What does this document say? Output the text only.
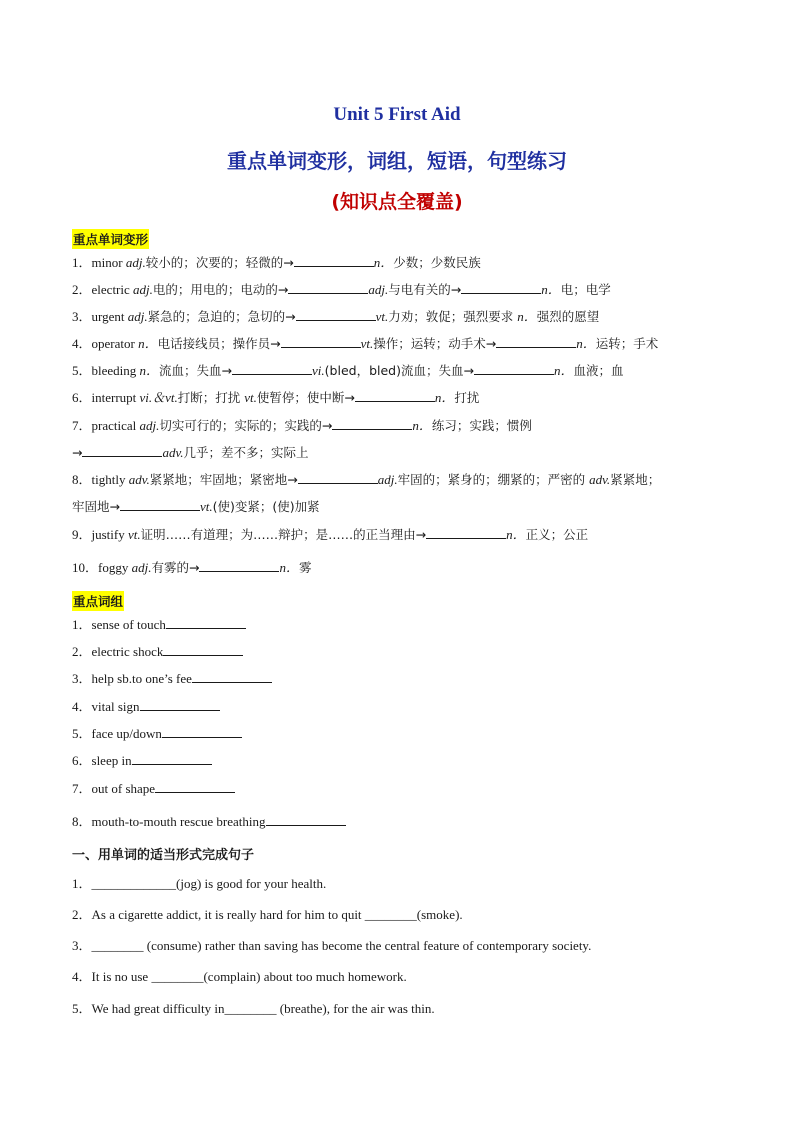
Unit 5 First Aid
重点单词变形，词组，短语，句型练习
(知识点全覆盖)
重点单词变形
1．minor adj.较小的；次要的；轻微的→	n．少数；少数民族
2．electric adj.电的；用电的；电动的→	adj.与电有关的→	n．电；电学
3．urgent adj.紧急的；急迫的；急切的→	vt.力劝；敦促；强烈要求 n．强烈的愿望
4．operator n．电话接线员；操作员→	vt.操作；运转；动手术→	n．运转；手术
5．bleeding n．流血；失血→	vi.(bled，bled)流血；失血→	n．血液；血
6．interrupt vi.＆vt.打断；打扰 vt.使暂停；使中断→	n．打扰
7．practical adj.切实可行的；实际的；实践的→	n．练习；实践；惯例
→	adv.几乎；差不多；实际上
8．tightly adv.紧紧地；牢固地；紧密地→	adj.牢固的；紧身的；绷紧的；严密的 adv.紧紧地；
牢固地→	vt.(使)变紧；(使)加紧
9．justify vt.证明……有道理；为……辩护；是……的正当理由→	n．正义；公正
10．foggy adj.有雾的→	n．雾
重点词组
1．sense of touch
2．electric shock
3．help sb.to one’s fee
4．vital sign
5．face up/down
6．sleep in
7．out of shape
8．mouth-to-mouth rescue breathing
一、用单词的适当形式完成句子
1．_____________(jog) is good for your health.
2．As a cigarette addict, it is really hard for him to quit ________(smoke).
3．________ (consume) rather than saving has become the central feature of contemporary society.
4．It is no use ________(complain) about too much homework.
5．We had great difficulty in________ (breathe), for the air was thin.
